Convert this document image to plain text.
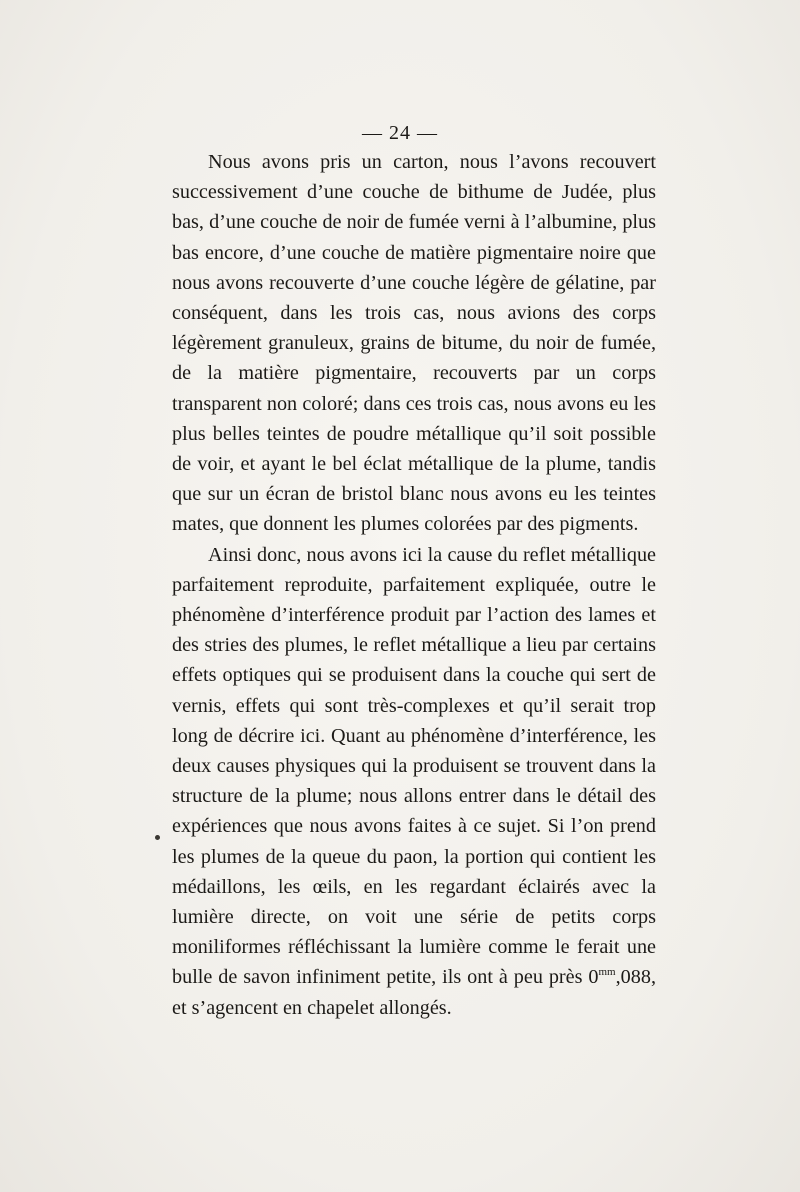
— 24 —

Nous avons pris un carton, nous l’avons recouvert successivement d’une couche de bithume de Judée, plus bas, d’une couche de noir de fumée verni à l’albumine, plus bas encore, d’une couche de matière pigmentaire noire que nous avons recouverte d’une couche légère de gélatine, par conséquent, dans les trois cas, nous avions des corps légèrement granuleux, grains de bitume, du noir de fumée, de la matière pigmentaire, recouverts par un corps transparent non coloré; dans ces trois cas, nous avons eu les plus belles teintes de poudre métallique qu’il soit possible de voir, et ayant le bel éclat métallique de la plume, tandis que sur un écran de bristol blanc nous avons eu les teintes mates, que donnent les plumes colorées par des pigments.

Ainsi donc, nous avons ici la cause du reflet métallique parfaitement reproduite, parfaitement expliquée, outre le phénomène d’interférence produit par l’action des lames et des stries des plumes, le reflet métallique a lieu par certains effets optiques qui se produisent dans la couche qui sert de vernis, effets qui sont très-complexes et qu’il serait trop long de décrire ici. Quant au phénomène d’interférence, les deux causes physiques qui la produisent se trouvent dans la structure de la plume; nous allons entrer dans le détail des expériences que nous avons faites à ce sujet. Si l’on prend les plumes de la queue du paon, la portion qui contient les médaillons, les œils, en les regardant éclairés avec la lumière directe, on voit une série de petits corps moniliformes réfléchissant la lumière comme le ferait une bulle de savon infiniment petite, ils ont à peu près $0^{mm},088$, et s’agencent en chapelet allongés.
